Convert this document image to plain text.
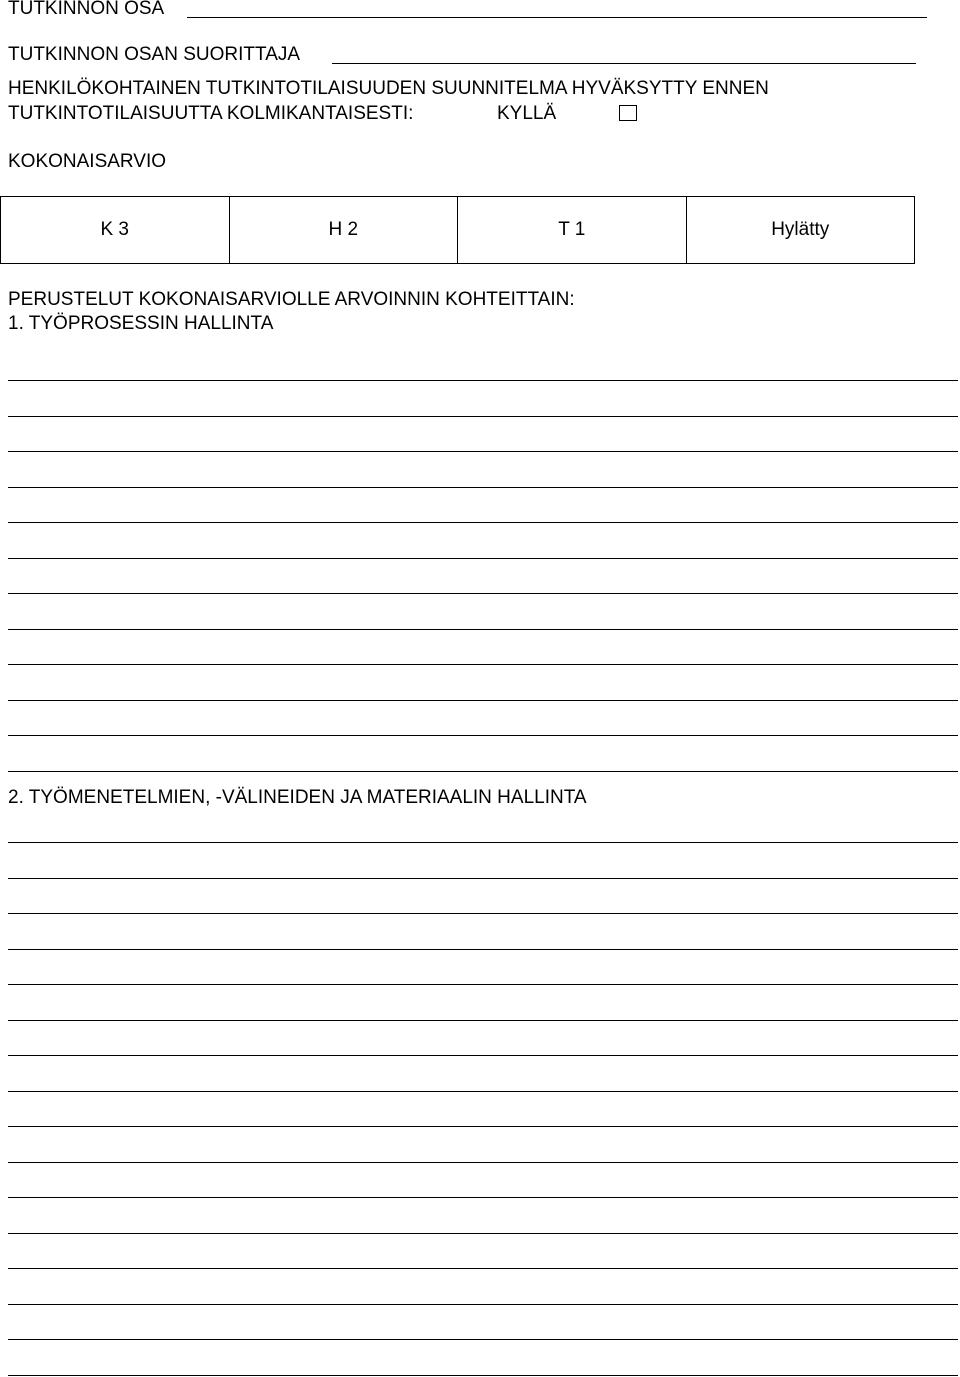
TUTKINNON OSA
TUTKINNON OSAN SUORITTAJA
HENKILÖKOHTAINEN TUTKINTOTILAISUUDEN SUUNNITELMA HYVÄKSYTTY ENNEN
TUTKINTOTILAISUUTTA KOLMIKANTAISESTI:	KYLLÄ
KOKONAISARVIO
K 3	H 2	T 1	Hylätty
PERUSTELUT KOKONAISARVIOLLE ARVOINNIN KOHTEITTAIN:
1. TYÖPROSESSIN HALLINTA
2. TYÖMENETELMIEN, -VÄLINEIDEN JA MATERIAALIN HALLINTA
